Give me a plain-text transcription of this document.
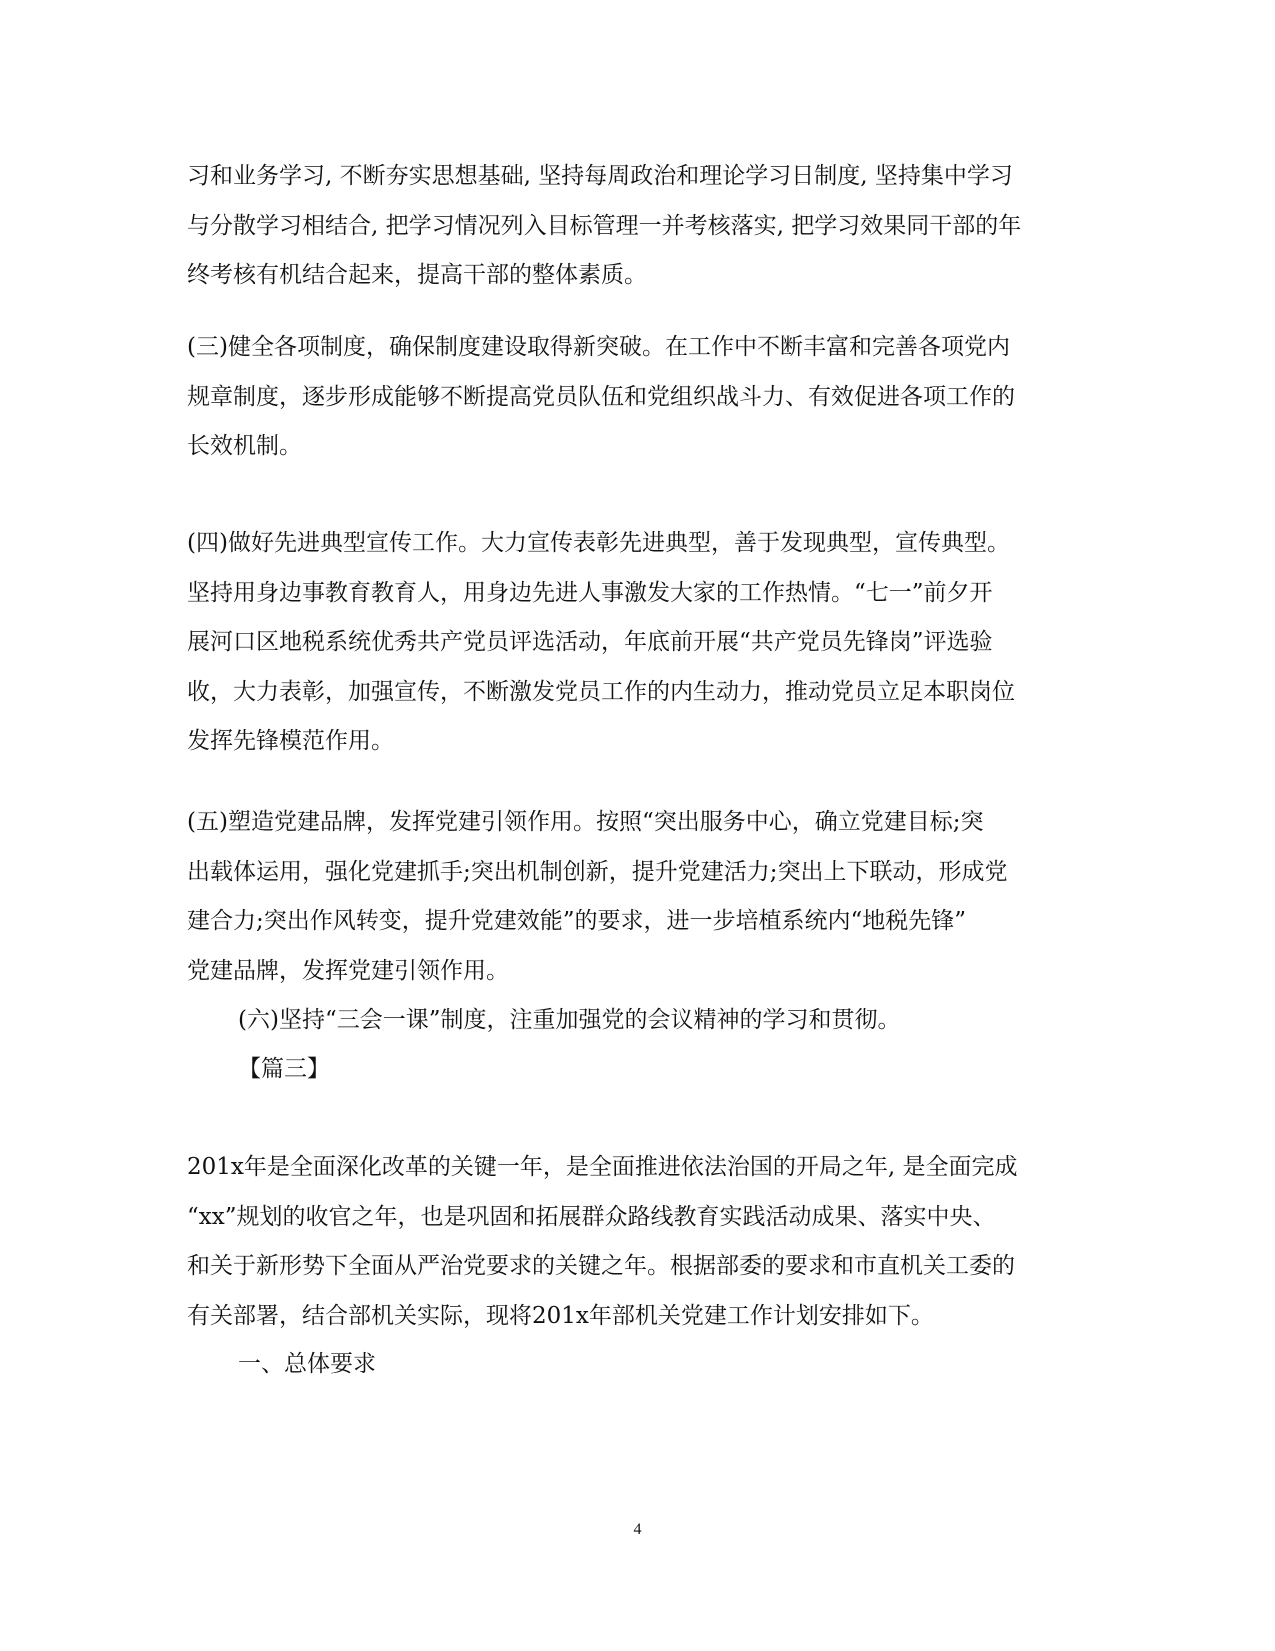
习和业务学习, 不断夯实思想基础, 坚持每周政治和理论学习日制度, 坚持集中学习
与分散学习相结合, 把学习情况列入目标管理一并考核落实, 把学习效果同干部的年
终考核有机结合起来，提高干部的整体素质。
(三)健全各项制度，确保制度建设取得新突破。在工作中不断丰富和完善各项党内
规章制度，逐步形成能够不断提高党员队伍和党组织战斗力、有效促进各项工作的
长效机制。
(四)做好先进典型宣传工作。大力宣传表彰先进典型，善于发现典型，宣传典型。
坚持用身边事教育教育人，用身边先进人事激发大家的工作热情。“七一”前夕开
展河口区地税系统优秀共产党员评选活动，年底前开展“共产党员先锋岗”评选验
收，大力表彰，加强宣传，不断激发党员工作的内生动力，推动党员立足本职岗位
发挥先锋模范作用。
(五)塑造党建品牌，发挥党建引领作用。按照“突出服务中心，确立党建目标;突
出载体运用，强化党建抓手;突出机制创新，提升党建活力;突出上下联动，形成党
建合力;突出作风转变，提升党建效能”的要求，进一步培植系统内“地税先锋”
党建品牌，发挥党建引领作用。
(六)坚持“三会一课”制度，注重加强党的会议精神的学习和贯彻。
【篇三】
201x年是全面深化改革的关键一年，是全面推进依法治国的开局之年, 是全面完成
“xx”规划的收官之年，也是巩固和拓展群众路线教育实践活动成果、落实中央、
和关于新形势下全面从严治党要求的关键之年。根据部委的要求和市直机关工委的
有关部署，结合部机关实际，现将201x年部机关党建工作计划安排如下。
一、总体要求
4
